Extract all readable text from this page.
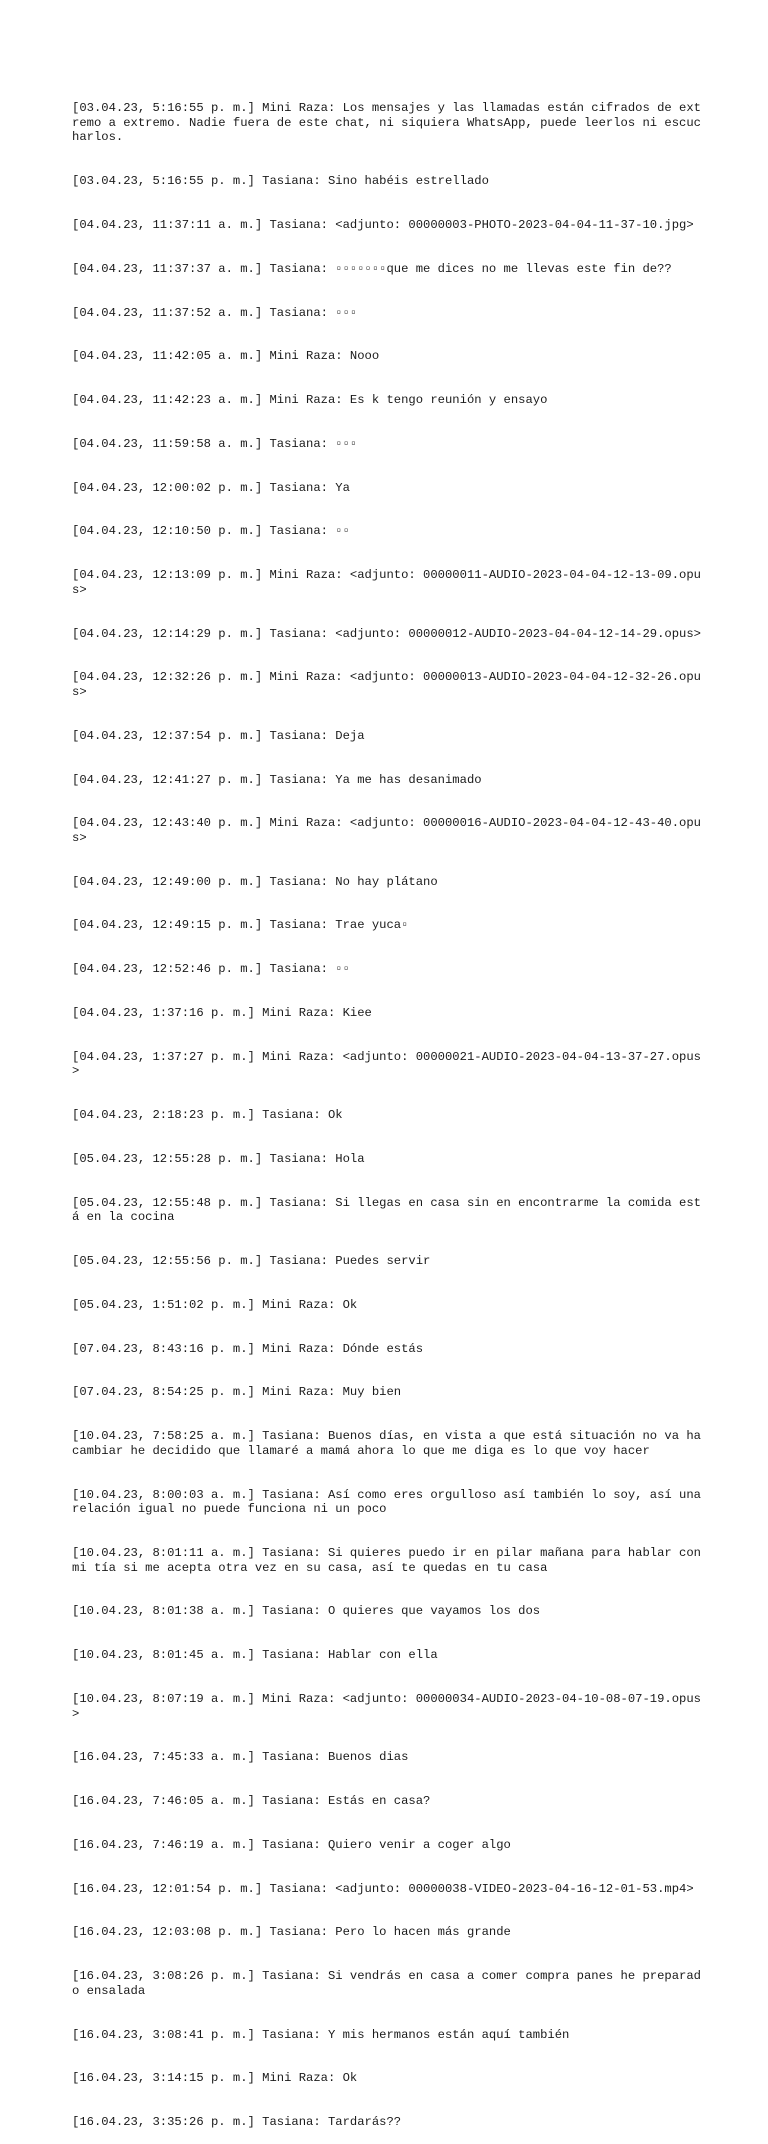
[03.04.23, 5:16:55 p. m.] Mini Raza: Los mensajes y las llamadas están cifrados de extremo a extremo. Nadie fuera de este chat, ni siquiera WhatsApp, puede leerlos ni escucharlos.

[03.04.23, 5:16:55 p. m.] Tasiana: Sino habéis estrellado

[04.04.23, 11:37:11 a. m.] Tasiana: <adjunto: 00000003-PHOTO-2023-04-04-11-37-10.jpg>

[04.04.23, 11:37:37 a. m.] Tasiana: ▫▫▫▫▫▫▫que me dices no me llevas este fin de??

[04.04.23, 11:37:52 a. m.] Tasiana: ▫▫▫

[04.04.23, 11:42:05 a. m.] Mini Raza: Nooo

[04.04.23, 11:42:23 a. m.] Mini Raza: Es k tengo reunión y ensayo

[04.04.23, 11:59:58 a. m.] Tasiana: ▫▫▫

[04.04.23, 12:00:02 p. m.] Tasiana: Ya

[04.04.23, 12:10:50 p. m.] Tasiana: ▫▫

[04.04.23, 12:13:09 p. m.] Mini Raza: <adjunto: 00000011-AUDIO-2023-04-04-12-13-09.opus>

[04.04.23, 12:14:29 p. m.] Tasiana: <adjunto: 00000012-AUDIO-2023-04-04-12-14-29.opus>

[04.04.23, 12:32:26 p. m.] Mini Raza: <adjunto: 00000013-AUDIO-2023-04-04-12-32-26.opus>

[04.04.23, 12:37:54 p. m.] Tasiana: Deja

[04.04.23, 12:41:27 p. m.] Tasiana: Ya me has desanimado

[04.04.23, 12:43:40 p. m.] Mini Raza: <adjunto: 00000016-AUDIO-2023-04-04-12-43-40.opus>

[04.04.23, 12:49:00 p. m.] Tasiana: No hay plátano

[04.04.23, 12:49:15 p. m.] Tasiana: Trae yuca▫

[04.04.23, 12:52:46 p. m.] Tasiana: ▫▫

[04.04.23, 1:37:16 p. m.] Mini Raza: Kiee

[04.04.23, 1:37:27 p. m.] Mini Raza: <adjunto: 00000021-AUDIO-2023-04-04-13-37-27.opus>

[04.04.23, 2:18:23 p. m.] Tasiana: Ok

[05.04.23, 12:55:28 p. m.] Tasiana: Hola

[05.04.23, 12:55:48 p. m.] Tasiana: Si llegas en casa sin en encontrarme la comida está en la cocina

[05.04.23, 12:55:56 p. m.] Tasiana: Puedes servir

[05.04.23, 1:51:02 p. m.] Mini Raza: Ok

[07.04.23, 8:43:16 p. m.] Mini Raza: Dónde estás

[07.04.23, 8:54:25 p. m.] Mini Raza: Muy bien

[10.04.23, 7:58:25 a. m.] Tasiana: Buenos días, en vista a que está situación no va ha cambiar he decidido que llamaré a mamá ahora lo que me diga es lo que voy hacer

[10.04.23, 8:00:03 a. m.] Tasiana: Así como eres orgulloso así también lo soy, así una relación igual no puede funciona ni un poco

[10.04.23, 8:01:11 a. m.] Tasiana: Si quieres puedo ir en pilar mañana para hablar con mi tía si me acepta otra vez en su casa, así te quedas en tu casa

[10.04.23, 8:01:38 a. m.] Tasiana: O quieres que vayamos los dos

[10.04.23, 8:01:45 a. m.] Tasiana: Hablar con ella

[10.04.23, 8:07:19 a. m.] Mini Raza: <adjunto: 00000034-AUDIO-2023-04-10-08-07-19.opus>

[16.04.23, 7:45:33 a. m.] Tasiana: Buenos dias

[16.04.23, 7:46:05 a. m.] Tasiana: Estás en casa?

[16.04.23, 7:46:19 a. m.] Tasiana: Quiero venir a coger algo

[16.04.23, 12:01:54 p. m.] Tasiana: <adjunto: 00000038-VIDEO-2023-04-16-12-01-53.mp4>

[16.04.23, 12:03:08 p. m.] Tasiana: Pero lo hacen más grande

[16.04.23, 3:08:26 p. m.] Tasiana: Si vendrás en casa a comer compra panes he preparado ensalada

[16.04.23, 3:08:41 p. m.] Tasiana: Y mis hermanos están aquí también

[16.04.23, 3:14:15 p. m.] Mini Raza: Ok

[16.04.23, 3:35:26 p. m.] Tasiana: Tardarás??
